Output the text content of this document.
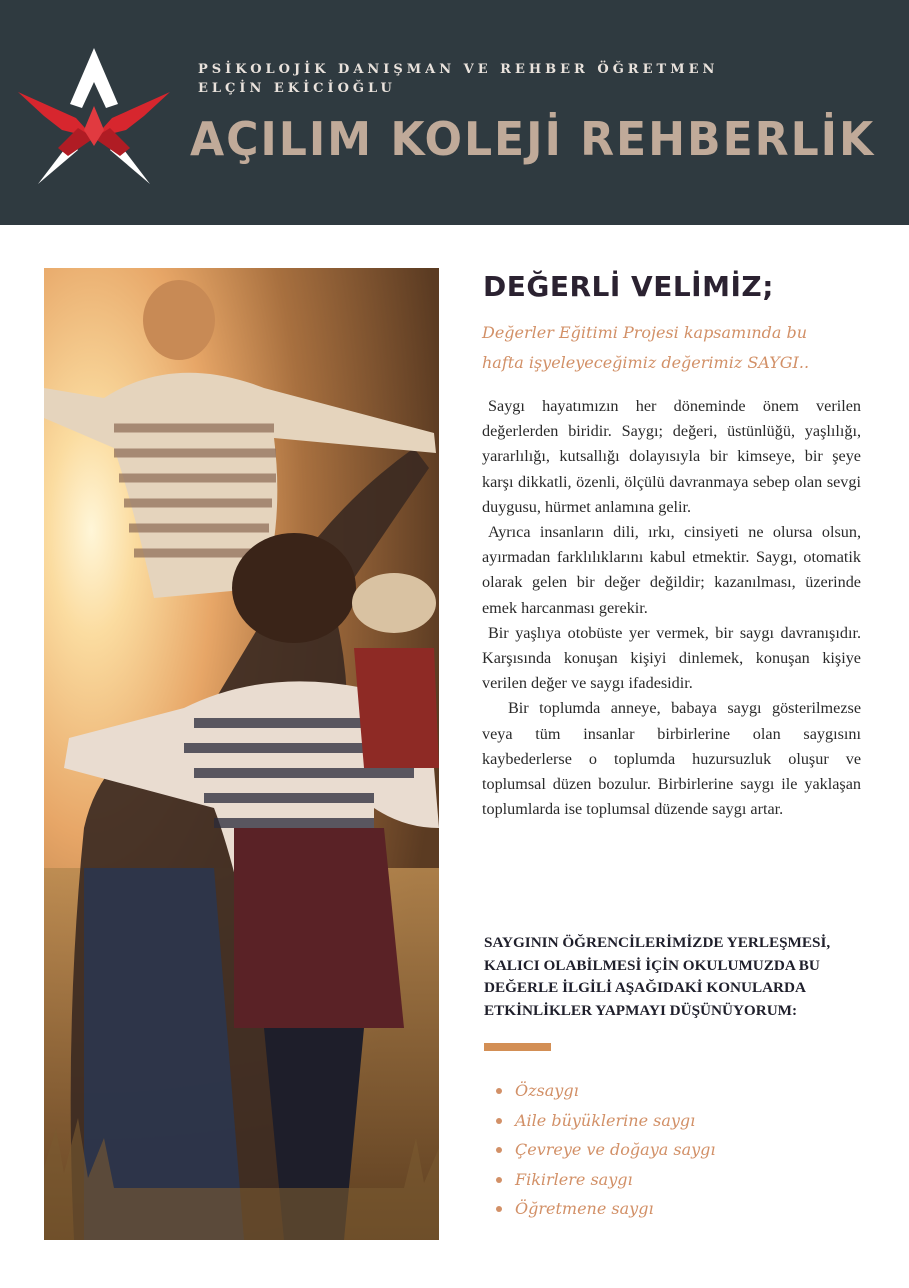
PSİKOLOJİK DANIŞMAN VE REHBER ÖĞRETMEN
ELÇİN EKİCİOĞLU
AÇILIM KOLEJİ REHBERLİK
DEĞERLİ VELİMİZ;
Değerler Eğitimi Projesi kapsamında bu
hafta işyeleyeceğimiz değerimiz SAYGI..

Saygı hayatımızın her döneminde önem verilen değerlerden biridir. Saygı; değeri, üstünlüğü, yaşlılığı, yararlılığı, kutsallığı dolayısıyla bir kimseye, bir şeye karşı dikkatli, özenli, ölçülü davranmaya sebep olan sevgi duygusu, hürmet anlamına gelir.

Ayrıca insanların dili, ırkı, cinsiyeti ne olursa olsun, ayırmadan farklılıklarını kabul etmektir. Saygı, otomatik olarak gelen bir değer değildir; kazanılması, üzerinde emek harcanması gerekir.

Bir yaşlıya otobüste yer vermek, bir saygı davranışıdır. Karşısında konuşan kişiyi dinlemek, konuşan kişiye verilen değer ve saygı ifadesidir.

Bir toplumda anneye, babaya saygı gösterilmezse veya tüm insanlar birbirlerine olan saygısını kaybederlerse o toplumda huzursuzluk oluşur ve toplumsal düzen bozulur. Birbirlerine saygı ile yaklaşan toplumlarda ise toplumsal düzende saygı artar.

SAYGININ ÖĞRENCİLERİMİZDE YERLEŞMESİ, KALICI OLABİLMESİ İÇİN OKULUMUZDA BU DEĞERLE İLGİLİ AŞAĞIDAKİ KONULARDA ETKİNLİKLER YAPMAYI DÜŞÜNÜYORUM:
Özsaygı
Aile büyüklerine saygı
Çevreye ve doğaya saygı
Fikirlere saygı
Öğretmene saygı
